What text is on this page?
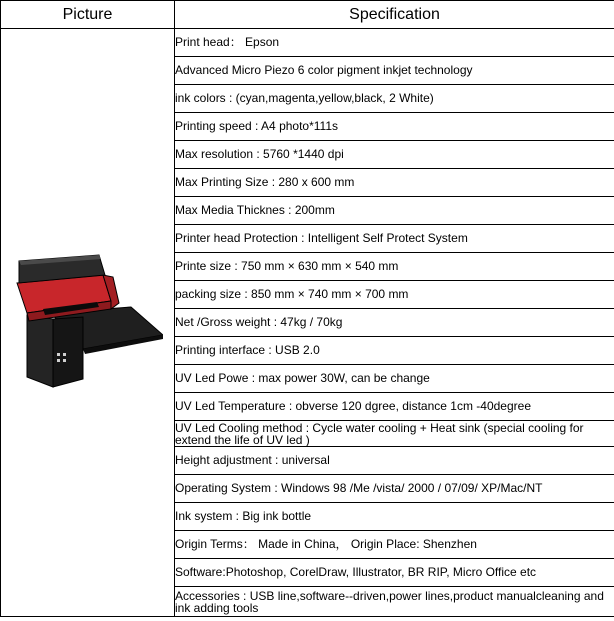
Picture	Specification

	Print head： Epson
	Advanced Micro Piezo 6 color pigment inkjet technology
	ink colors : (cyan,magenta,yellow,black, 2 White)
	Printing speed : A4 photo*111s
	Max resolution : 5760 *1440 dpi
	Max Printing Size : 280 x 600 mm
	Max Media Thicknes : 200mm
	Printer head Protection : Intelligent Self Protect System
	Printe size : 750 mm × 630 mm × 540 mm
	packing size : 850 mm × 740 mm × 700 mm
	Net /Gross weight : 47kg / 70kg
	Printing interface : USB 2.0
	UV Led Powe : max power 30W, can be change
	UV Led Temperature : obverse 120 dgree, distance 1cm -40degree
	UV Led Cooling method : Cycle water cooling + Heat sink (special cooling for extend the life of UV led )
	Height adjustment : universal
	Operating System : Windows 98 /Me /vista/ 2000 / 07/09/ XP/Mac/NT
	Ink system : Big ink bottle
	Origin Terms： Made in China， Origin Place: Shenzhen
	Software:Photoshop, CorelDraw, Illustrator, BR RIP, Micro Office etc
	Accessories : USB line,software--driven,power lines,product manualcleaning and ink adding tools
